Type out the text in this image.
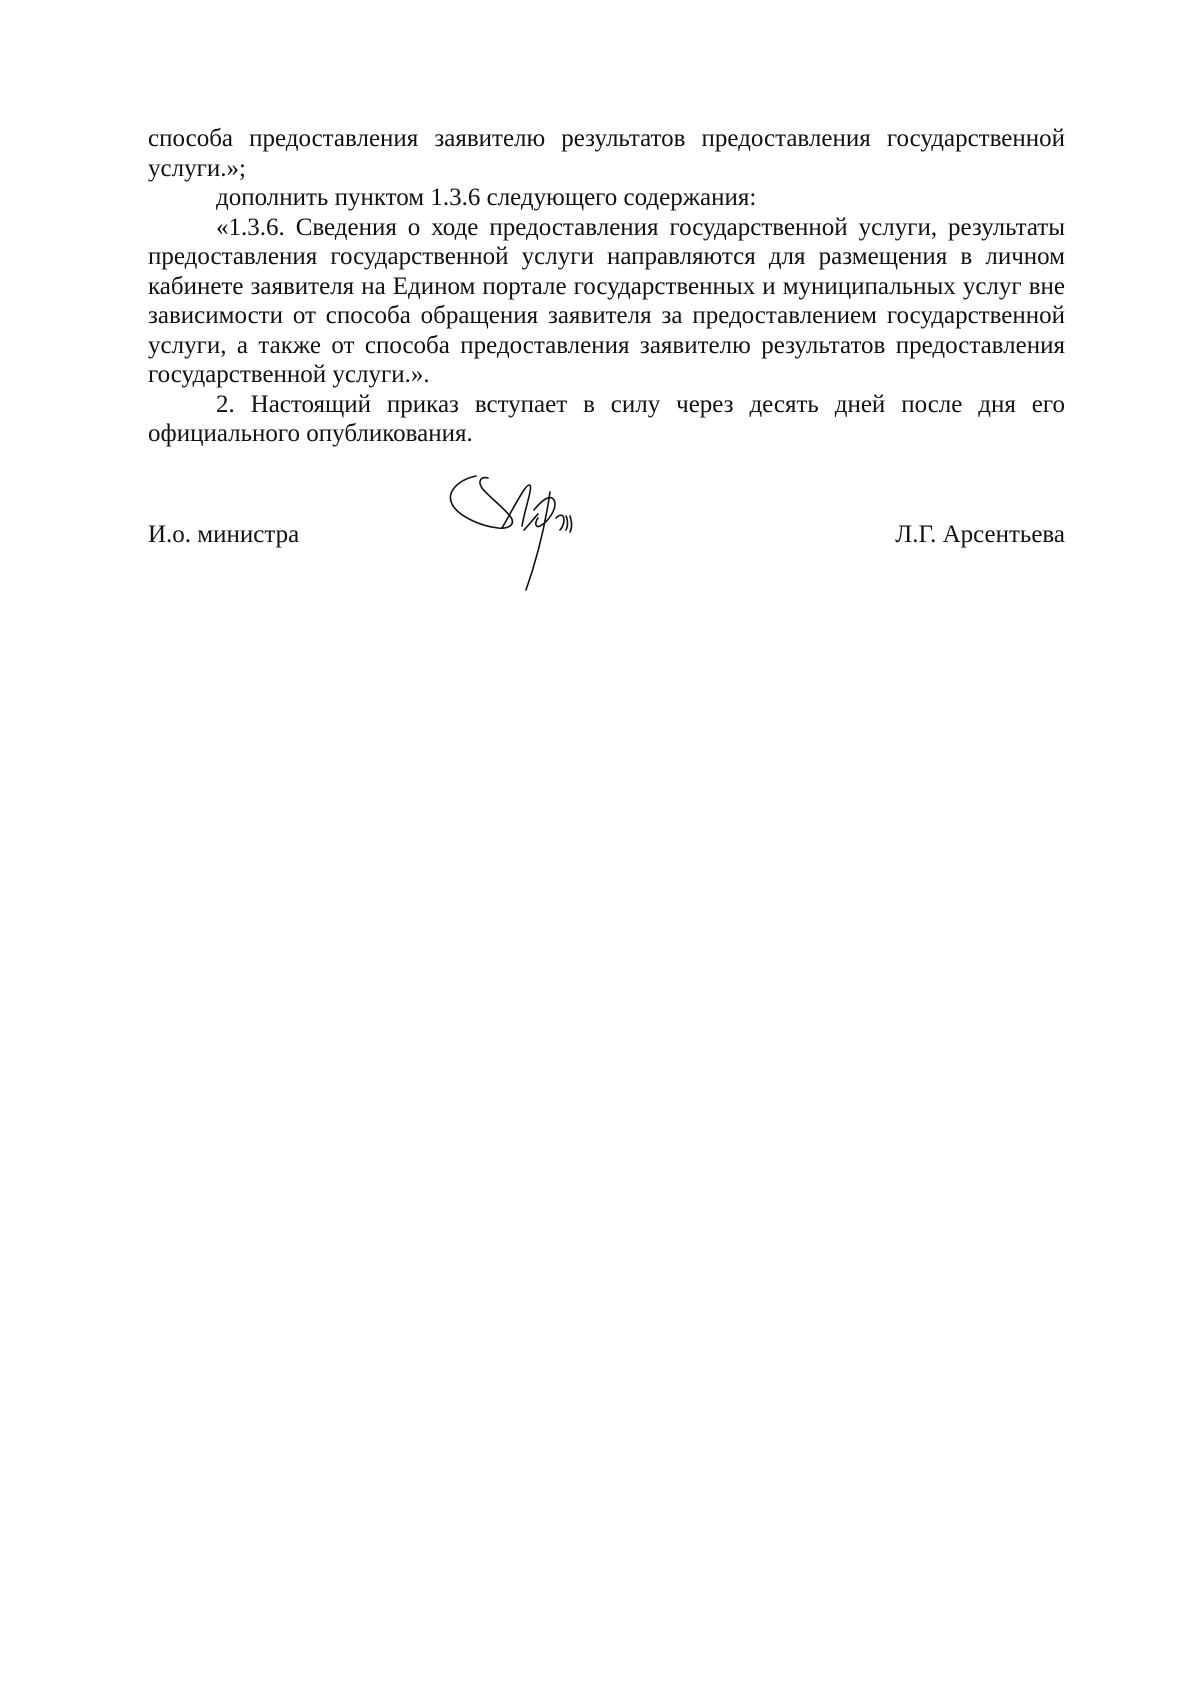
способа предоставления заявителю результатов предоставления государственной услуги.»;

дополнить пунктом 1.3.6 следующего содержания:

«1.3.6. Сведения о ходе предоставления государственной услуги, результаты предоставления государственной услуги направляются для размещения в личном кабинете заявителя на Едином портале государственных и муниципальных услуг вне зависимости от способа обращения заявителя за предоставлением государственной услуги, а также от способа предоставления заявителю результатов предоставления государственной услуги.».

2. Настоящий приказ вступает в силу через десять дней после дня его официального опубликования.

И.о. министра	Л.Г. Арсентьева
